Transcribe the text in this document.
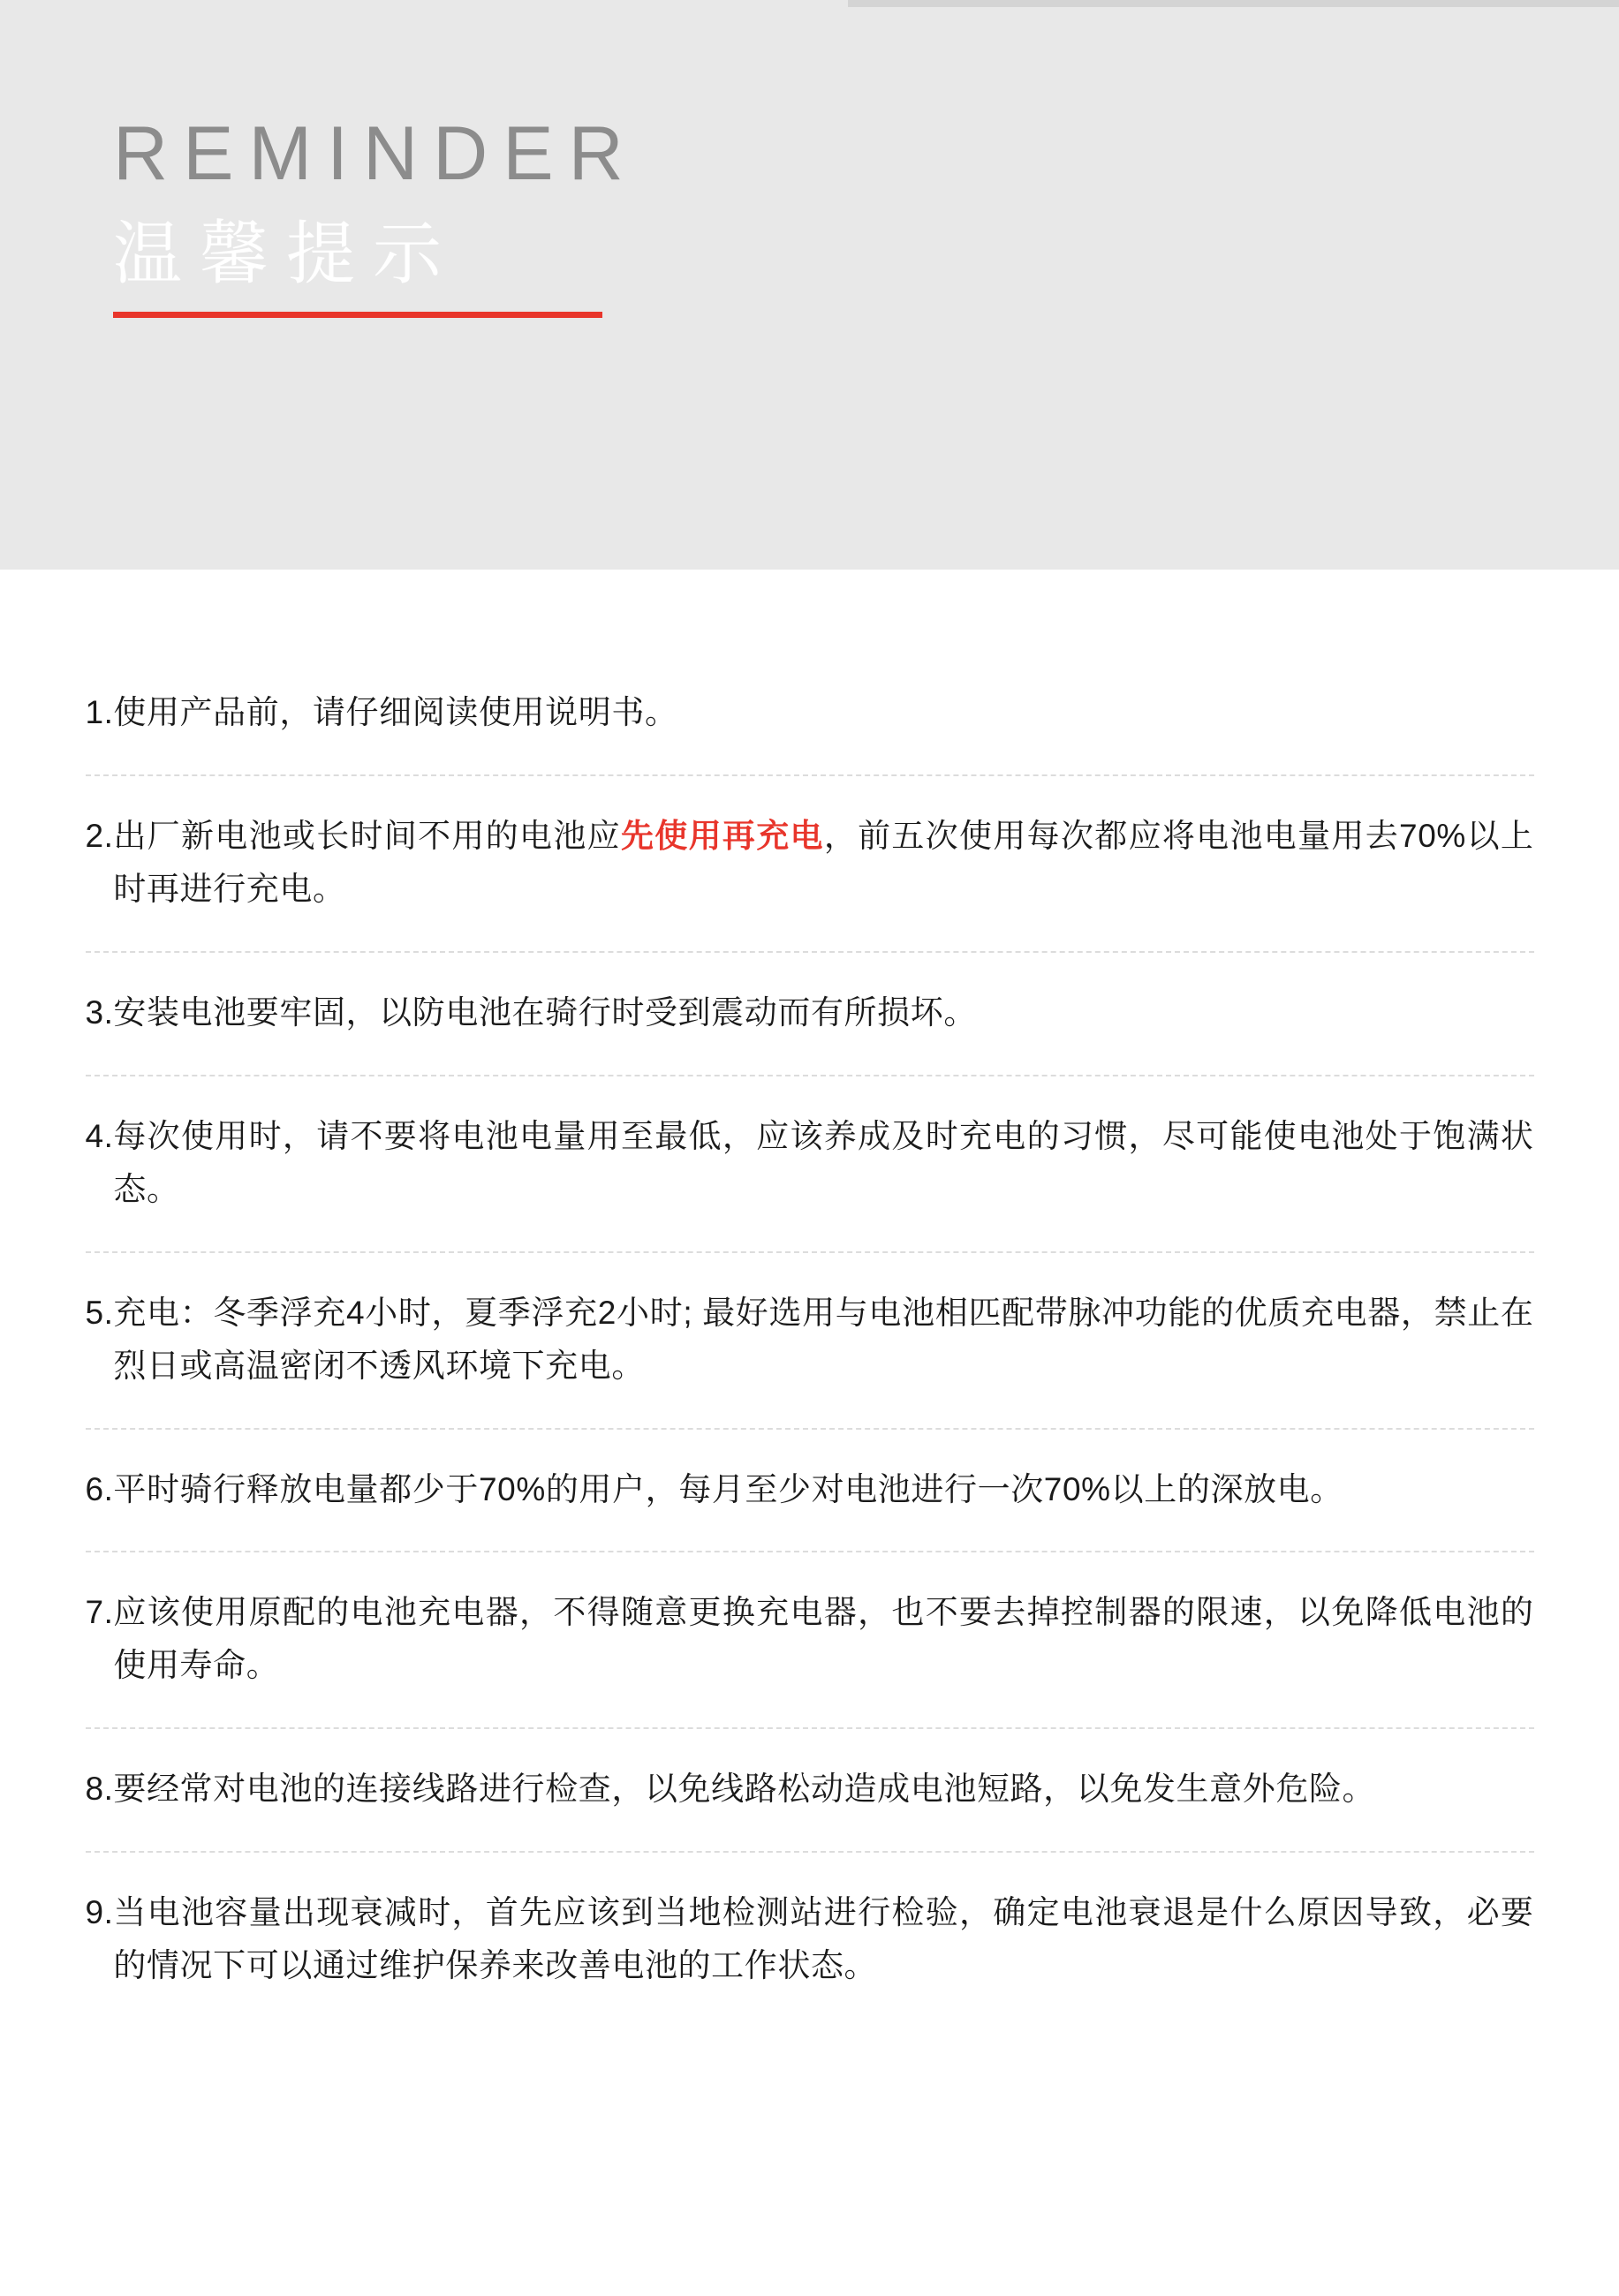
REMINDER
温馨提示
1. 使用产品前，请仔细阅读使用说明书。
2. 出厂新电池或长时间不用的电池应先使用再充电，前五次使用每次都应将电池电量用去70%以上时再进行充电。
3. 安装电池要牢固，以防电池在骑行时受到震动而有所损坏。
4. 每次使用时，请不要将电池电量用至最低，应该养成及时充电的习惯，尽可能使电池处于饱满状态。
5. 充电：冬季浮充4小时，夏季浮充2小时; 最好选用与电池相匹配带脉冲功能的优质充电器，禁止在烈日或高温密闭不透风环境下充电。
6. 平时骑行释放电量都少于70%的用户，每月至少对电池进行一次70%以上的深放电。
7. 应该使用原配的电池充电器，不得随意更换充电器，也不要去掉控制器的限速，以免降低电池的使用寿命。
8. 要经常对电池的连接线路进行检查，以免线路松动造成电池短路，以免发生意外危险。
9. 当电池容量出现衰减时，首先应该到当地检测站进行检验，确定电池衰退是什么原因导致，必要的情况下可以通过维护保养来改善电池的工作状态。
